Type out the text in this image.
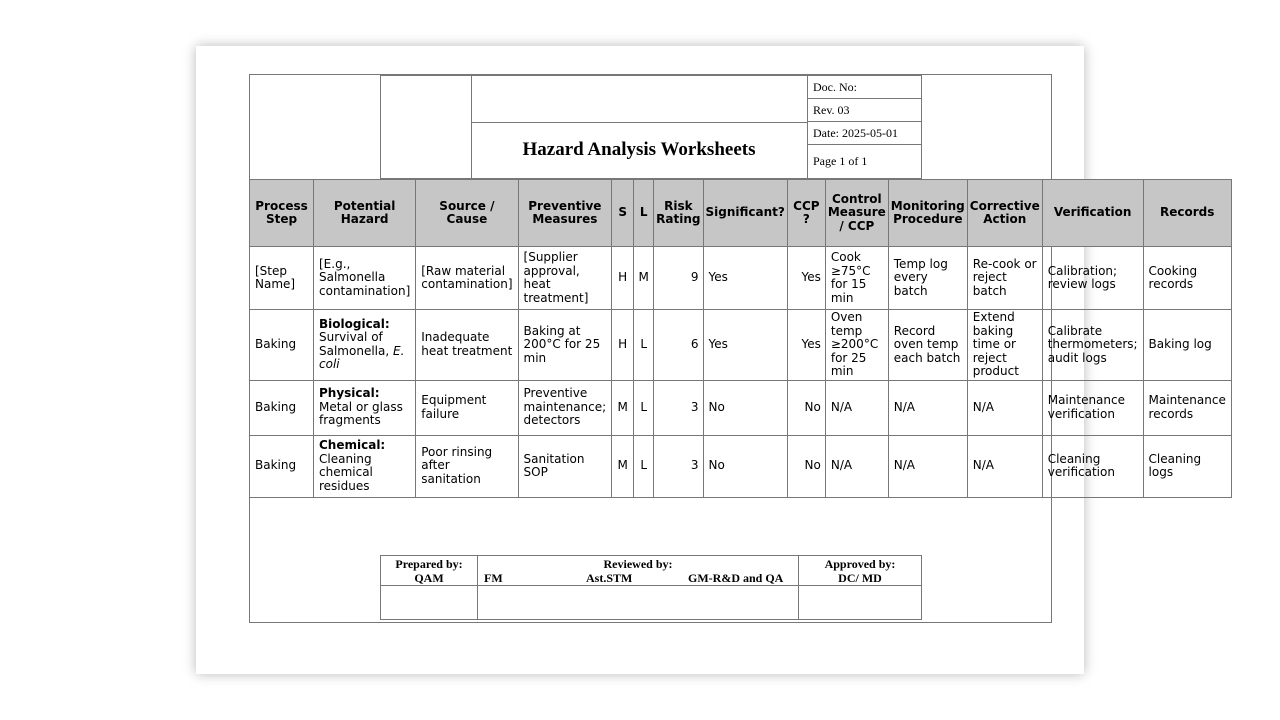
Hazard Analysis Worksheets
Doc. No:
Rev. 03
Date: 2025-05-01
Page 1 of 1
Process Step	Potential Hazard	Source / Cause	Preventive Measures	S	L	Risk Rating	Significant?	CCP ?	Control Measure / CCP	Monitoring Procedure	Corrective Action	Verification	Records
[Step Name]	[E.g., Salmonella contamination]	[Raw material contamination]	[Supplier approval, heat treatment]	H	M	9	Yes	Yes	Cook ≥75°C for 15 min	Temp log every batch	Re-cook or reject batch	Calibration; review logs	Cooking records
Baking	Biological: Survival of Salmonella, E. coli	Inadequate heat treatment	Baking at 200°C for 25 min	H	L	6	Yes	Yes	Oven temp ≥200°C for 25 min	Record oven temp each batch	Extend baking time or reject product	Calibrate thermometers; audit logs	Baking log
Baking	Physical: Metal or glass fragments	Equipment failure	Preventive maintenance; detectors	M	L	3	No	No	N/A	N/A	N/A	Maintenance verification	Maintenance records
Baking	Chemical: Cleaning chemical residues	Poor rinsing after sanitation	Sanitation SOP	M	L	3	No	No	N/A	N/A	N/A	Cleaning verification	Cleaning logs
Prepared by:
QAM
Reviewed by:
FM	Ast.STM	GM-R&D and QA
Approved by:
DC/ MD
